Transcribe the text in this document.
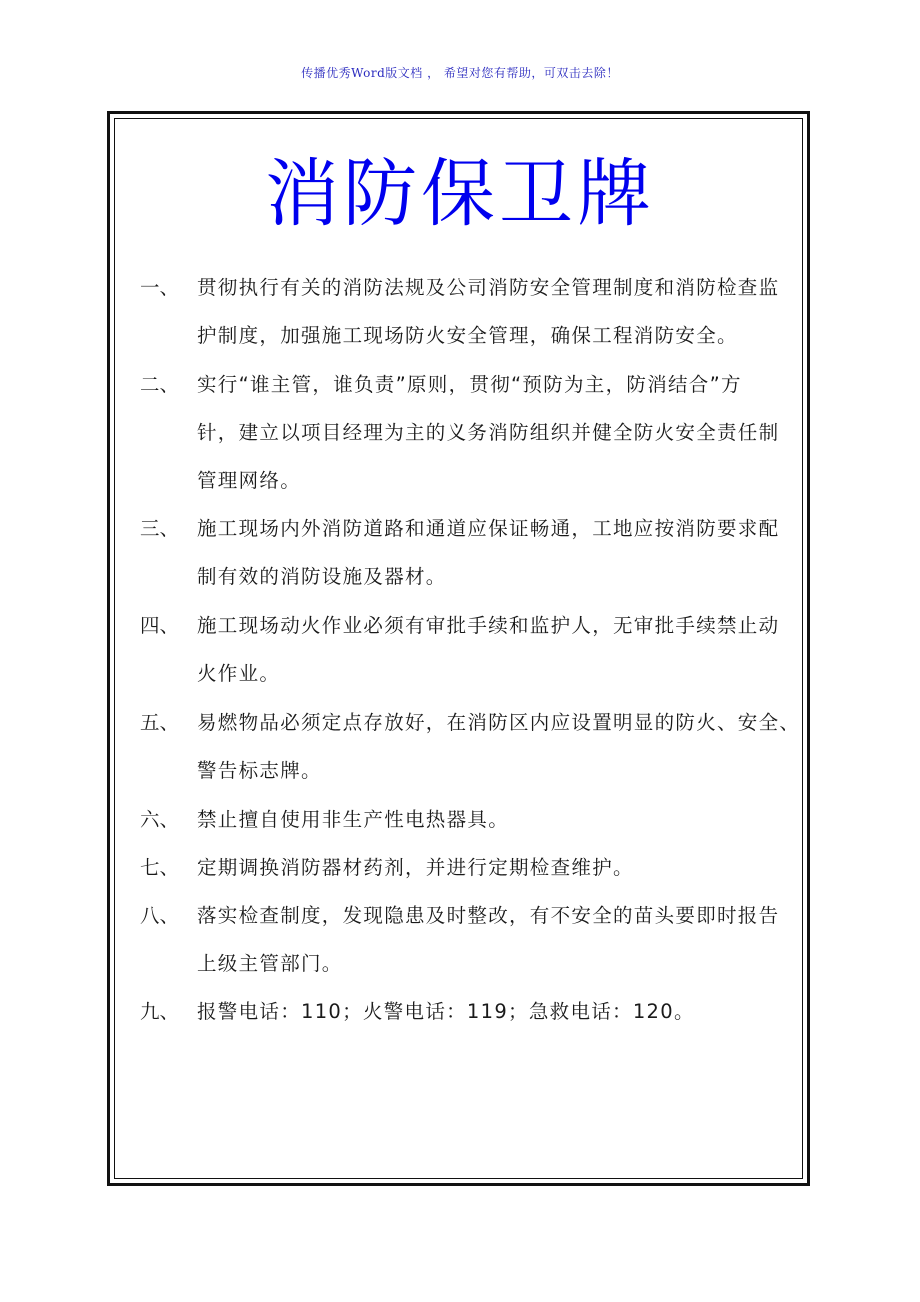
传播优秀Word版文档 ， 希望对您有帮助，可双击去除！
消防保卫牌
一、 贯彻执行有关的消防法规及公司消防安全管理制度和消防检查监
护制度，加强施工现场防火安全管理，确保工程消防安全。
二、 实行“谁主管，谁负责”原则，贯彻“预防为主，防消结合”方
针，建立以项目经理为主的义务消防组织并健全防火安全责任制
管理网络。
三、 施工现场内外消防道路和通道应保证畅通，工地应按消防要求配
制有效的消防设施及器材。
四、 施工现场动火作业必须有审批手续和监护人，无审批手续禁止动
火作业。
五、 易燃物品必须定点存放好，在消防区内应设置明显的防火、安全、
警告标志牌。
六、 禁止擅自使用非生产性电热器具。
七、 定期调换消防器材药剂，并进行定期检查维护。
八、 落实检查制度，发现隐患及时整改，有不安全的苗头要即时报告
上级主管部门。
九、 报警电话：110；火警电话：119；急救电话：120。
